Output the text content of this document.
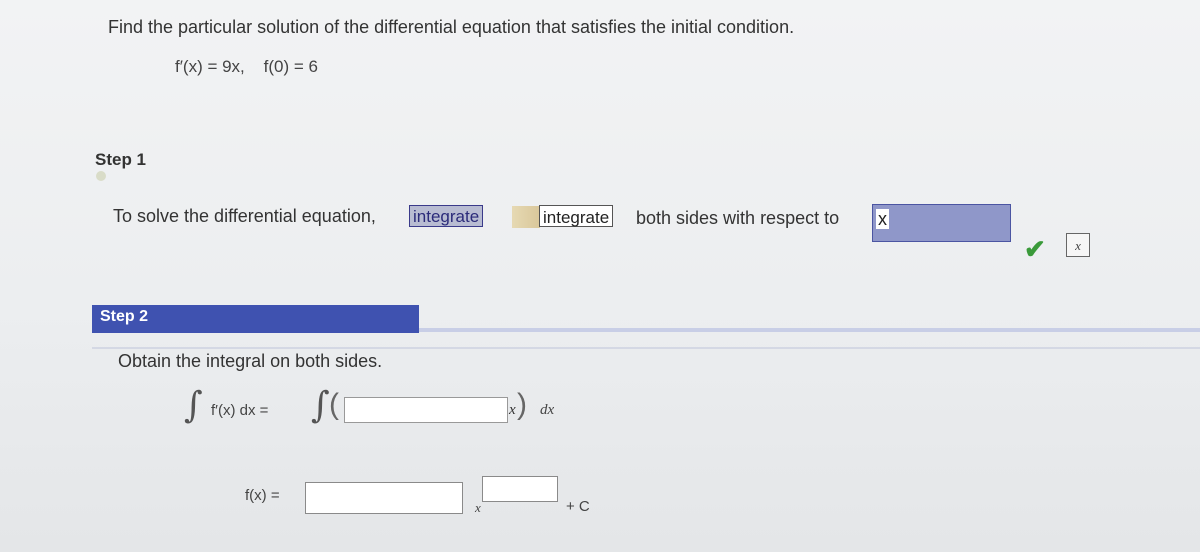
Find the particular solution of the differential equation that satisfies the initial condition.
f′(x) = 9x,    f(0) = 6
Step 1
To solve the differential equation, integrate	integrate both sides with respect to x
✔	x
Step 2
Obtain the integral on both sides.
∫ f′(x) dx = ∫ (	x ) dx
f(x) =
x	+ C
